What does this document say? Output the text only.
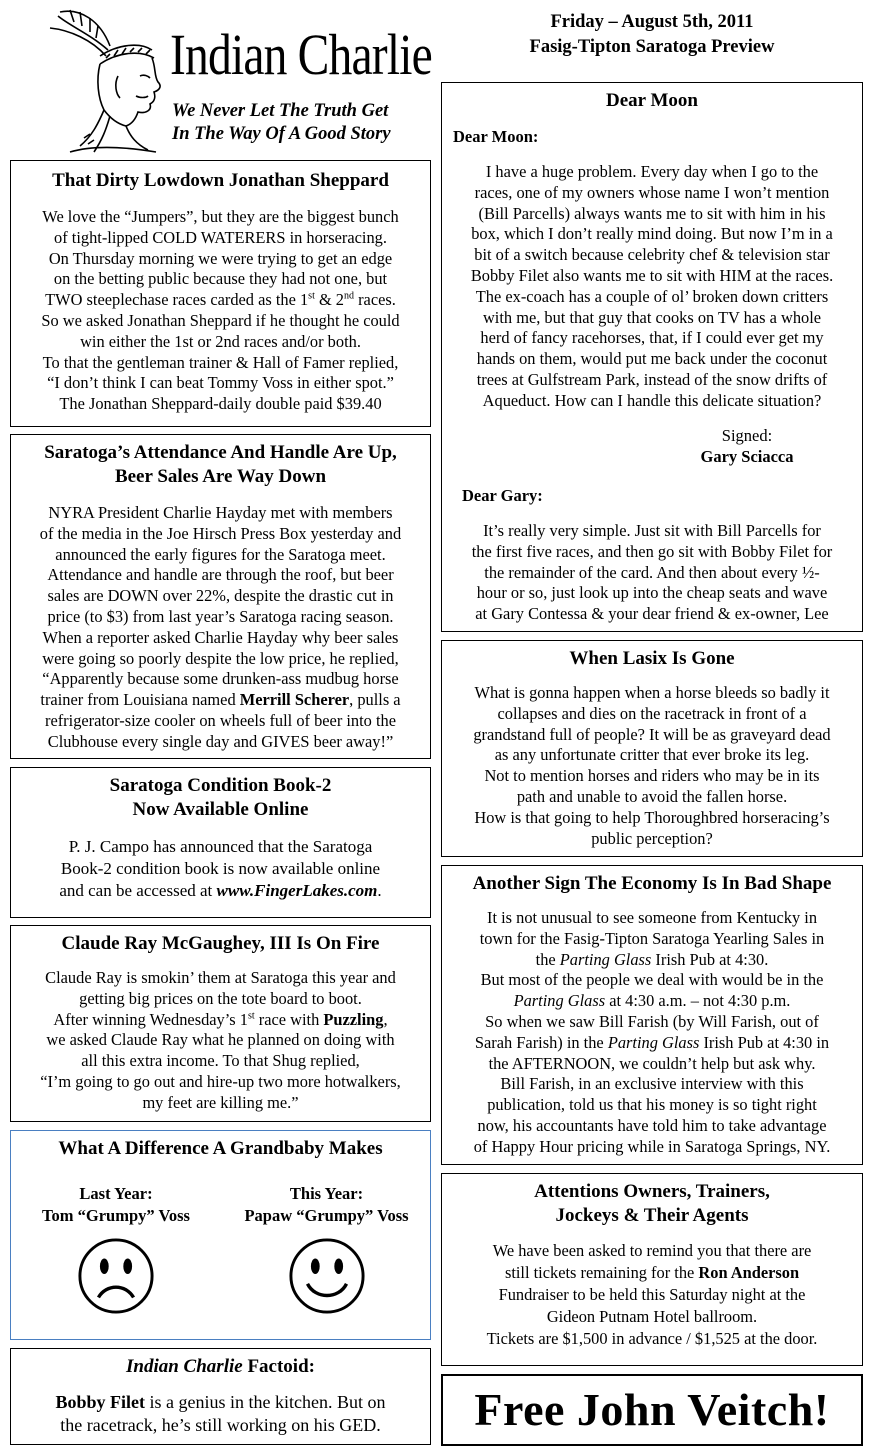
Indian Charlie
We Never Let The Truth Get
In The Way Of A Good Story
Friday – August 5th, 2011
Fasig-Tipton Saratoga Preview
That Dirty Lowdown Jonathan Sheppard

We love the “Jumpers”, but they are the biggest bunch

of tight-lipped COLD WATERERS in horseracing.

On Thursday morning we were trying to get an edge

on the betting public because they had not one, but

TWO steeplechase races carded as the 1st & 2nd races.

So we asked Jonathan Sheppard if he thought he could

win either the 1st or 2nd races and/or both.

To that the gentleman trainer & Hall of Famer replied,

“I don’t think I can beat Tommy Voss in either spot.”

The Jonathan Sheppard-daily double paid $39.40

Saratoga’s Attendance And Handle Are Up,
Beer Sales Are Way Down

NYRA President Charlie Hayday met with members

of the media in the Joe Hirsch Press Box yesterday and

announced the early figures for the Saratoga meet.

Attendance and handle are through the roof, but beer

sales are DOWN over 22%, despite the drastic cut in

price (to $3) from last year’s Saratoga racing season.

When a reporter asked Charlie Hayday why beer sales

were going so poorly despite the low price, he replied,

“Apparently because some drunken-ass mudbug horse

trainer from Louisiana named Merrill Scherer, pulls a

refrigerator-size cooler on wheels full of beer into the

Clubhouse every single day and GIVES beer away!”

Saratoga Condition Book-2
Now Available Online

P. J. Campo has announced that the Saratoga

Book-2 condition book is now available online

and can be accessed at www.FingerLakes.com.

Claude Ray McGaughey, III Is On Fire

Claude Ray is smokin’ them at Saratoga this year and

getting big prices on the tote board to boot.

After winning Wednesday’s 1st race with Puzzling,

we asked Claude Ray what he planned on doing with

all this extra income. To that Shug replied,

“I’m going to go out and hire-up two more hotwalkers,

my feet are killing me.”

What A Difference A Grandbaby Makes
Last Year:
Tom “Grumpy” Voss
This Year:
Papaw “Grumpy” Voss
Indian Charlie Factoid:

Bobby Filet is a genius in the kitchen. But on

the racetrack, he’s still working on his GED.

Dear Moon
Dear Moon:

I have a huge problem. Every day when I go to the

races, one of my owners whose name I won’t mention

(Bill Parcells) always wants me to sit with him in his

box, which I don’t really mind doing. But now I’m in a

bit of a switch because celebrity chef & television star

Bobby Filet also wants me to sit with HIM at the races.

The ex-coach has a couple of ol’ broken down critters

with me, but that guy that cooks on TV has a whole

herd of fancy racehorses, that, if I could ever get my

hands on them, would put me back under the coconut

trees at Gulfstream Park, instead of the snow drifts of

Aqueduct. How can I handle this delicate situation?

Signed:
Gary Sciacca
Dear Gary:

It’s really very simple. Just sit with Bill Parcells for

the first five races, and then go sit with Bobby Filet for

the remainder of the card. And then about every ½-

hour or so, just look up into the cheap seats and wave

at Gary Contessa & your dear friend & ex-owner, Lee

When Lasix Is Gone

What is gonna happen when a horse bleeds so badly it

collapses and dies on the racetrack in front of a

grandstand full of people? It will be as graveyard dead

as any unfortunate critter that ever broke its leg.

Not to mention horses and riders who may be in its

path and unable to avoid the fallen horse.

How is that going to help Thoroughbred horseracing’s

public perception?

Another Sign The Economy Is In Bad Shape

It is not unusual to see someone from Kentucky in

town for the Fasig-Tipton Saratoga Yearling Sales in

the Parting Glass Irish Pub at 4:30.

But most of the people we deal with would be in the

Parting Glass at 4:30 a.m. – not 4:30 p.m.

So when we saw Bill Farish (by Will Farish, out of

Sarah Farish) in the Parting Glass Irish Pub at 4:30 in

the AFTERNOON, we couldn’t help but ask why.

Bill Farish, in an exclusive interview with this

publication, told us that his money is so tight right

now, his accountants have told him to take advantage

of Happy Hour pricing while in Saratoga Springs, NY.

Attentions Owners, Trainers,
Jockeys & Their Agents

We have been asked to remind you that there are

still tickets remaining for the Ron Anderson

Fundraiser to be held this Saturday night at the

Gideon Putnam Hotel ballroom.

Tickets are $1,500 in advance / $1,525 at the door.

Free John Veitch!
